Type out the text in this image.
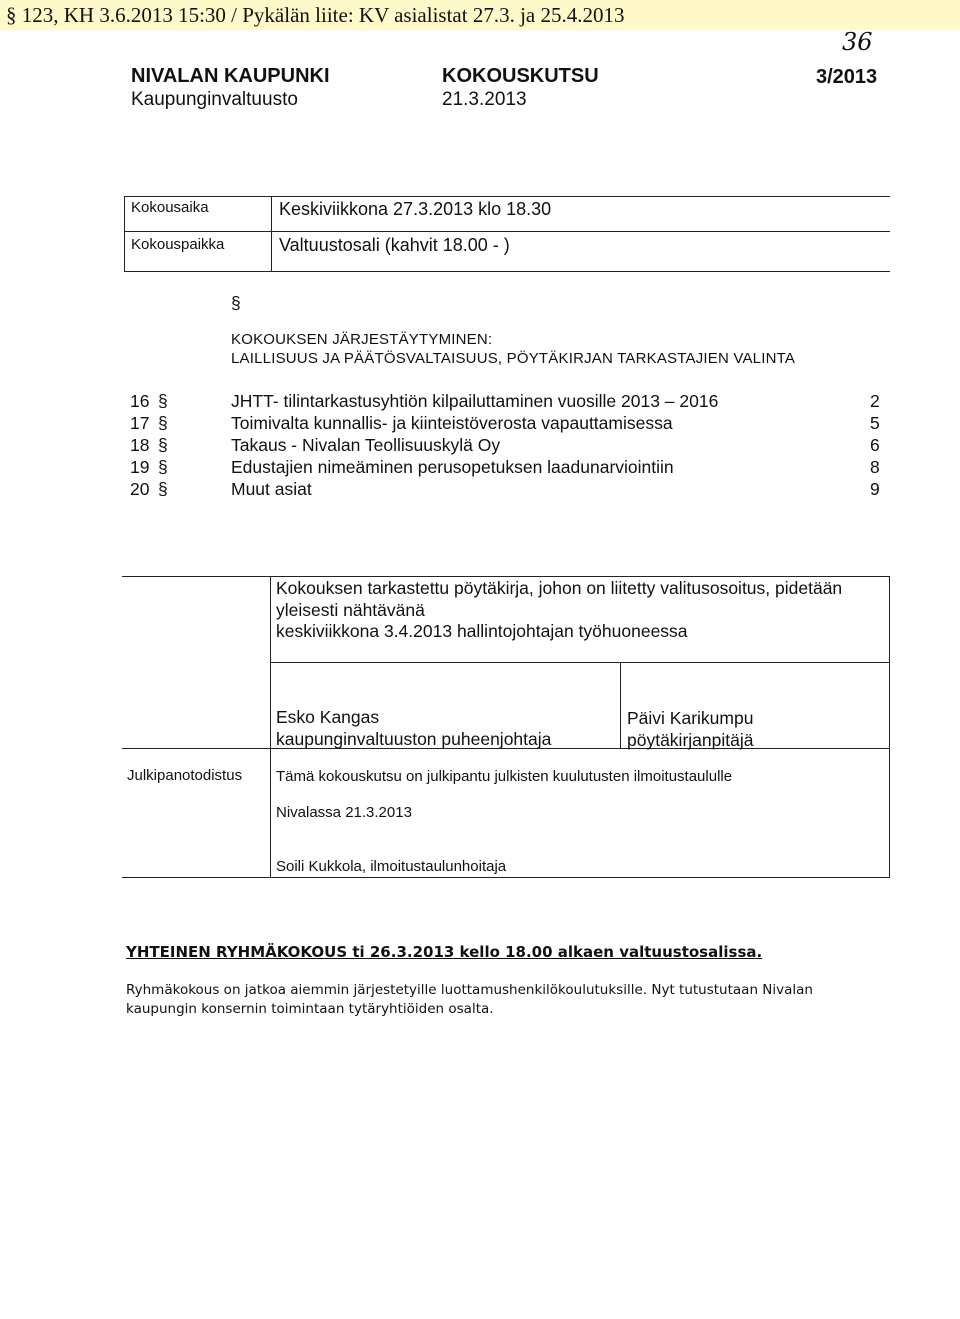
§ 123, KH 3.6.2013 15:30 / Pykälän liite: KV asialistat 27.3. ja 25.4.2013
36
NIVALAN KAUPUNKI
Kaupunginvaltuusto
KOKOUSKUTSU
21.3.2013
3/2013
Kokousaika	Keskiviikkona 27.3.2013 klo 18.30
Kokouspaikka	Valtuustosali (kahvit 18.00 - )
§
KOKOUKSEN JÄRJESTÄYTYMINEN:
LAILLISUUS JA PÄÄTÖSVALTAISUUS, PÖYTÄKIRJAN TARKASTAJIEN VALINTA
16 §	JHTT- tilintarkastusyhtiön kilpailuttaminen vuosille 2013 – 2016	2
17 §	Toimivalta kunnallis- ja kiinteistöverosta vapauttamisessa	5
18 §	Takaus - Nivalan Teollisuuskylä Oy	6
19 §	Edustajien nimeäminen perusopetuksen laadunarviointiin	8
20 §	Muut asiat	9
Kokouksen tarkastettu pöytäkirja, johon on liitetty valitusosoitus, pidetään
yleisesti nähtävänä
keskiviikkona 3.4.2013 hallintojohtajan työhuoneessa
Esko Kangas
kaupunginvaltuuston puheenjohtaja
Päivi Karikumpu
pöytäkirjanpitäjä
Julkipanotodistus Tämä kokouskutsu on julkipantu julkisten kuulutusten ilmoitustaululle
Nivalassa 21.3.2013
Soili Kukkola, ilmoitustaulunhoitaja
YHTEINEN RYHMÄKOKOUS ti 26.3.2013 kello 18.00 alkaen valtuustosalissa.
Ryhmäkokous on jatkoa aiemmin järjestetyille luottamushenkilökoulutuksille. Nyt tutustutaan Nivalan
kaupungin konsernin toimintaan tytäryhtiöiden osalta.
